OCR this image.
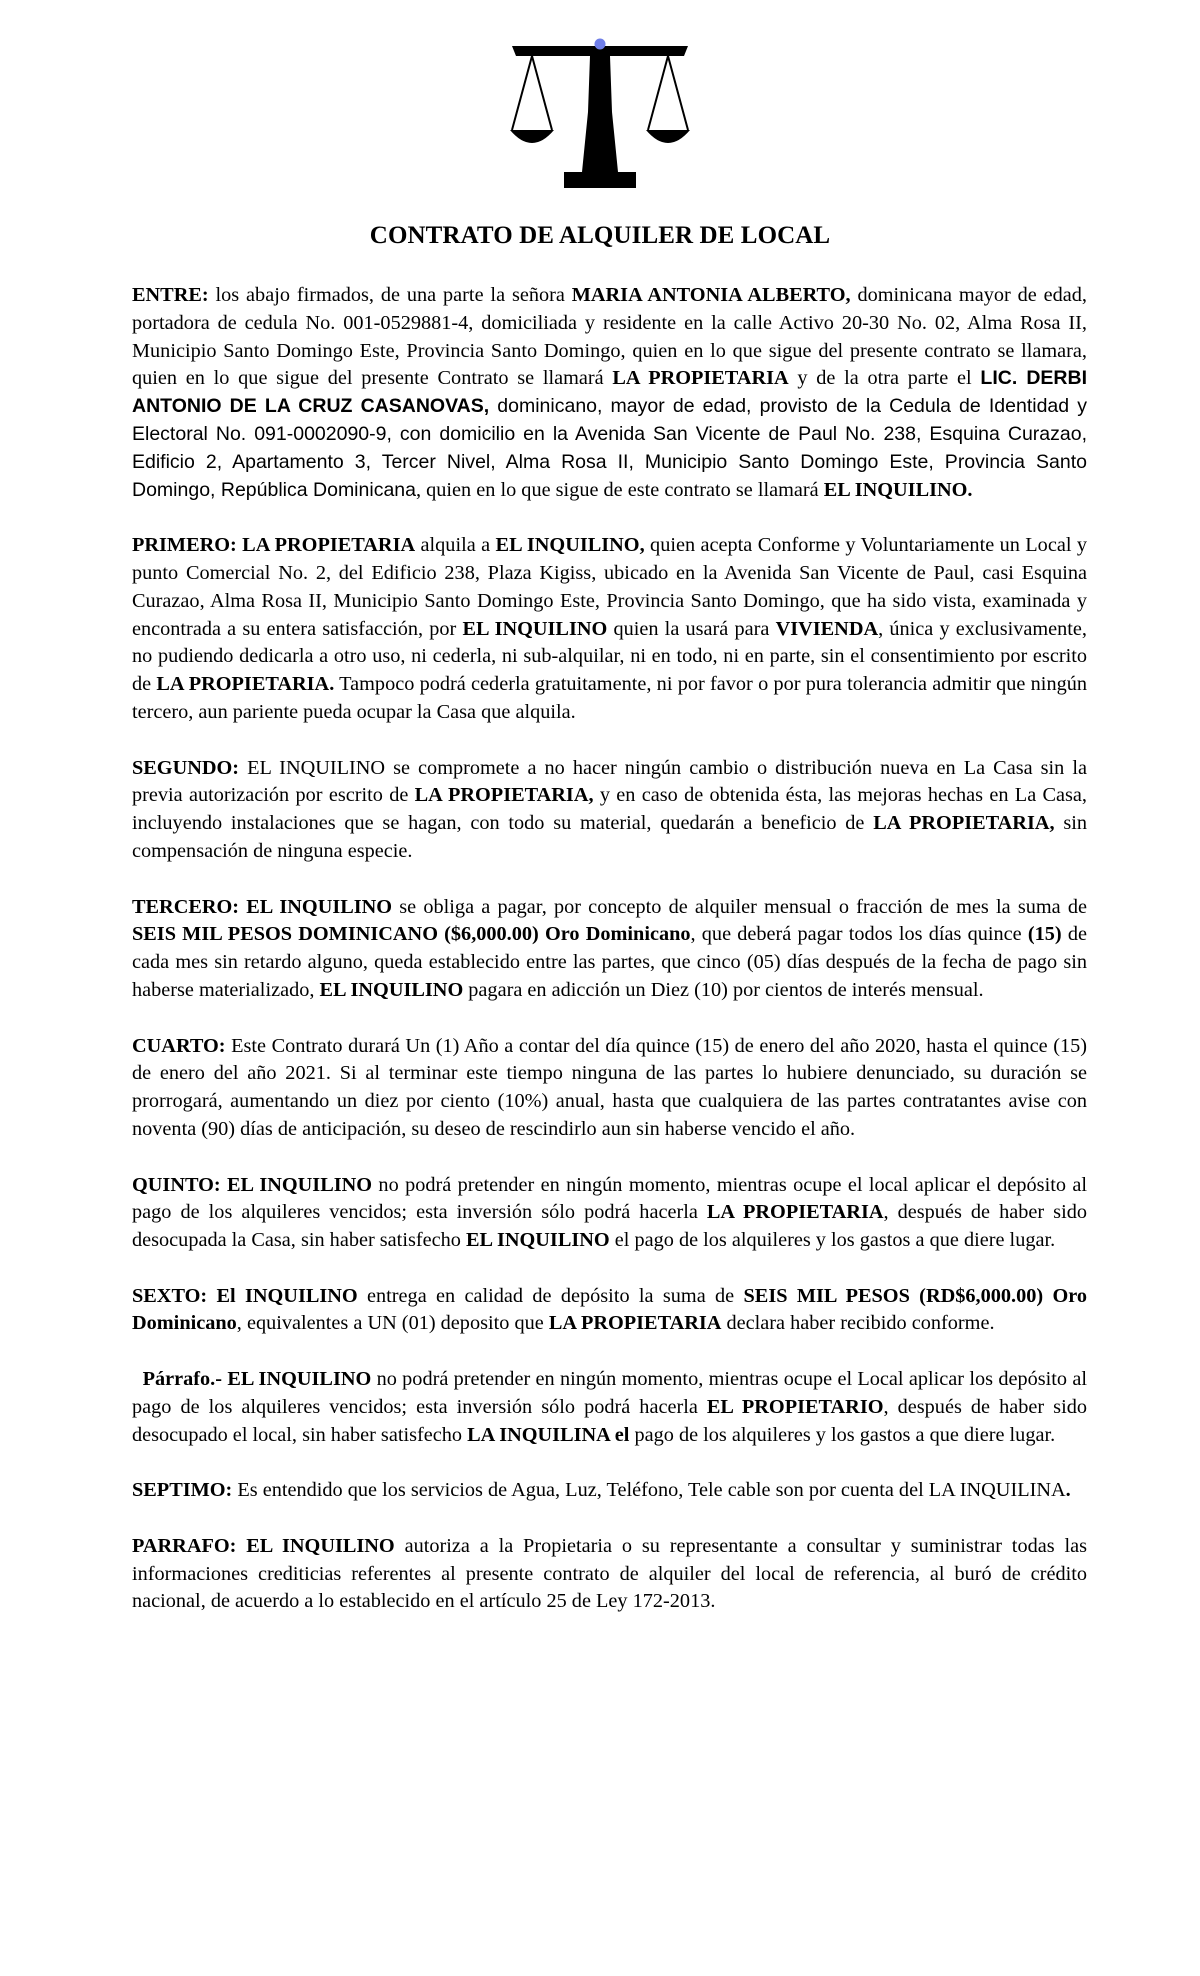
CONTRATO DE ALQUILER DE LOCAL

ENTRE: los abajo firmados, de una parte la señora MARIA ANTONIA ALBERTO, dominicana mayor de edad, portadora de cedula No. 001-0529881-4, domiciliada y residente en la calle Activo 20-30 No. 02, Alma Rosa II, Municipio Santo Domingo Este, Provincia Santo Domingo, quien en lo que sigue del presente contrato se llamara, quien en lo que sigue del presente Contrato se llamará LA PROPIETARIA y de la otra parte el LIC. DERBI ANTONIO DE LA CRUZ CASANOVAS, dominicano, mayor de edad, provisto de la Cedula de Identidad y Electoral No. 091-0002090-9, con domicilio en la Avenida San Vicente de Paul No. 238, Esquina Curazao, Edificio 2, Apartamento 3, Tercer Nivel, Alma Rosa II, Municipio Santo Domingo Este, Provincia Santo Domingo, República Dominicana, quien en lo que sigue de este contrato se llamará EL INQUILINO.

PRIMERO: LA PROPIETARIA alquila a EL INQUILINO, quien acepta Conforme y Voluntariamente un Local y punto Comercial No. 2, del Edificio 238, Plaza Kigiss, ubicado en la Avenida San Vicente de Paul, casi Esquina Curazao, Alma Rosa II, Municipio Santo Domingo Este, Provincia Santo Domingo, que ha sido vista, examinada y encontrada a su entera satisfacción, por EL INQUILINO quien la usará para VIVIENDA, única y exclusivamente, no pudiendo dedicarla a otro uso, ni cederla, ni sub-alquilar, ni en todo, ni en parte, sin el consentimiento por escrito de LA PROPIETARIA. Tampoco podrá cederla gratuitamente, ni por favor o por pura tolerancia admitir que ningún tercero, aun pariente pueda ocupar la Casa que alquila.

SEGUNDO: EL INQUILINO se compromete a no hacer ningún cambio o distribución nueva en La Casa sin la previa autorización por escrito de LA PROPIETARIA, y en caso de obtenida ésta, las mejoras hechas en La Casa, incluyendo instalaciones que se hagan, con todo su material, quedarán a beneficio de LA PROPIETARIA, sin compensación de ninguna especie.

TERCERO: EL INQUILINO se obliga a pagar, por concepto de alquiler mensual o fracción de mes la suma de SEIS MIL PESOS DOMINICANO ($6,000.00) Oro Dominicano, que deberá pagar todos los días quince (15) de cada mes sin retardo alguno, queda establecido entre las partes, que cinco (05) días después de la fecha de pago sin haberse materializado, EL INQUILINO pagara en adicción un Diez (10) por cientos de interés mensual.

CUARTO: Este Contrato durará Un (1) Año a contar del día quince (15) de enero del año 2020, hasta el quince (15) de enero del año 2021. Si al terminar este tiempo ninguna de las partes lo hubiere denunciado, su duración se prorrogará, aumentando un diez por ciento (10%) anual, hasta que cualquiera de las partes contratantes avise con noventa (90) días de anticipación, su deseo de rescindirlo aun sin haberse vencido el año.

QUINTO: EL INQUILINO no podrá pretender en ningún momento, mientras ocupe el local aplicar el depósito al pago de los alquileres vencidos; esta inversión sólo podrá hacerla LA PROPIETARIA, después de haber sido desocupada la Casa, sin haber satisfecho EL INQUILINO el pago de los alquileres y los gastos a que diere lugar.

SEXTO: El INQUILINO entrega en calidad de depósito la suma de SEIS MIL PESOS (RD$6,000.00) Oro Dominicano, equivalentes a UN (01) deposito que LA PROPIETARIA declara haber recibido conforme.

Párrafo.- EL INQUILINO no podrá pretender en ningún momento, mientras ocupe el Local aplicar los depósito al pago de los alquileres vencidos; esta inversión sólo podrá hacerla EL PROPIETARIO, después de haber sido desocupado el local, sin haber satisfecho LA INQUILINA el pago de los alquileres y los gastos a que diere lugar.

SEPTIMO: Es entendido que los servicios de Agua, Luz, Teléfono, Tele cable son por cuenta del LA INQUILINA.

PARRAFO: EL INQUILINO autoriza a la Propietaria o su representante a consultar y suministrar todas las informaciones crediticias referentes al presente contrato de alquiler del local de referencia, al buró de crédito nacional, de acuerdo a lo establecido en el artículo 25 de Ley 172-2013.
